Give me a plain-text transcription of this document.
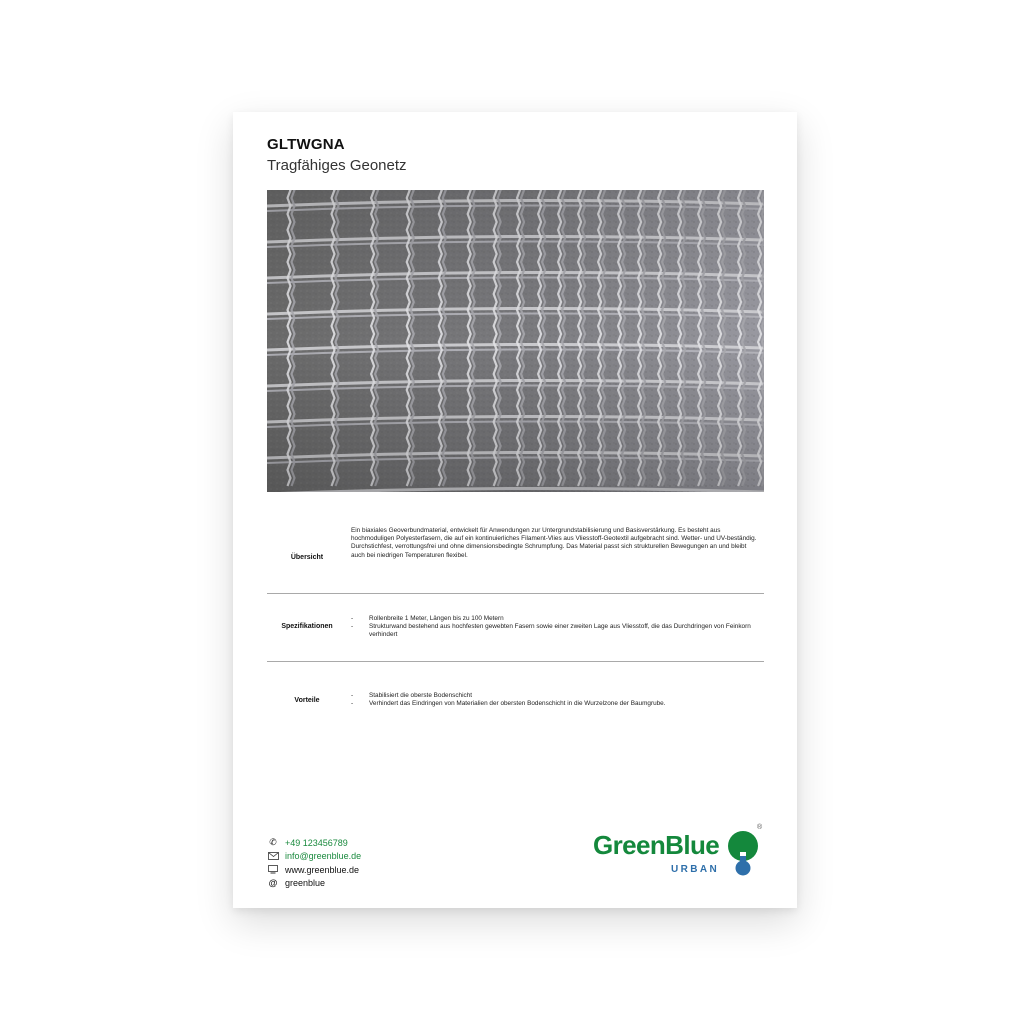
GLTWGNA
Tragfähiges Geonetz
Übersicht
Ein biaxiales Geoverbundmaterial, entwickelt für Anwendungen zur Untergrundstabilisierung und Basisverstärkung. Es besteht aus hochmoduligen Polyesterfasern, die auf ein kontinuierliches Filament-Vlies aus Vliesstoff-Geotextil aufgebracht sind. Wetter- und UV-beständig. Durchstichfest, verrottungsfrei und ohne dimensionsbedingte Schrumpfung. Das Material passt sich strukturellen Bewegungen an und bleibt auch bei niedrigen Temperaturen flexibel.
Spezifikationen
- Rollenbreite 1 Meter, Längen bis zu 100 Metern
- Strukturwand bestehend aus hochfesten gewebten Fasern sowie einer zweiten Lage aus Vliesstoff, die das Durchdringen von Feinkorn verhindert
Vorteile
- Stabilisiert die oberste Bodenschicht
- Verhindert das Eindringen von Materialien der obersten Bodenschicht in die Wurzelzone der Baumgrube.
✆ +49 123456789
info@greenblue.de
www.greenblue.de
@ greenblue
GreenBlue
URBAN
®
